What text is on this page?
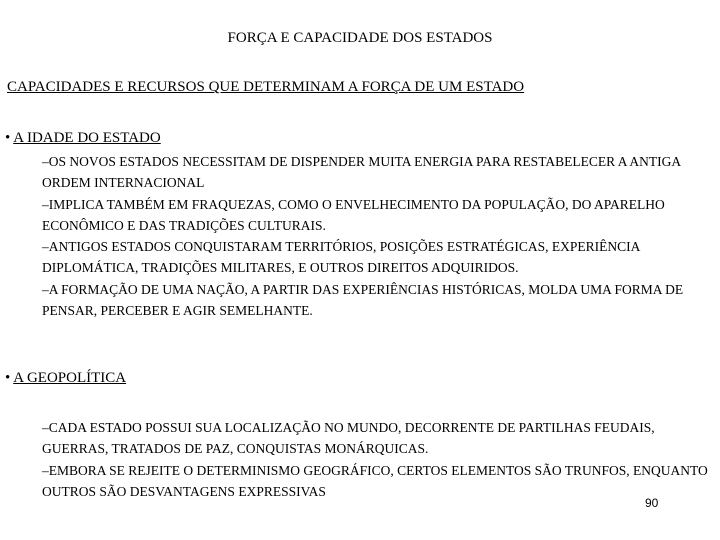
FORÇA E CAPACIDADE DOS ESTADOS
CAPACIDADES E RECURSOS QUE DETERMINAM A FORÇA DE UM ESTADO
• A IDADE DO ESTADO
–OS NOVOS ESTADOS NECESSITAM DE DISPENDER MUITA ENERGIA PARA RESTABELECER A ANTIGA ORDEM INTERNACIONAL
–IMPLICA TAMBÉM EM FRAQUEZAS, COMO O ENVELHECIMENTO DA POPULAÇÃO, DO APARELHO ECONÔMICO E DAS TRADIÇÕES CULTURAIS.
–ANTIGOS ESTADOS CONQUISTARAM TERRITÓRIOS, POSIÇÕES ESTRATÉGICAS, EXPERIÊNCIA DIPLOMÁTICA, TRADIÇÕES MILITARES, E OUTROS DIREITOS ADQUIRIDOS.
–A FORMAÇÃO DE UMA NAÇÃO, A PARTIR DAS EXPERIÊNCIAS HISTÓRICAS, MOLDA UMA FORMA DE PENSAR, PERCEBER E AGIR SEMELHANTE.
• A GEOPOLÍTICA
–CADA ESTADO POSSUI SUA LOCALIZAÇÃO NO MUNDO, DECORRENTE DE PARTILHAS FEUDAIS, GUERRAS, TRATADOS DE PAZ, CONQUISTAS MONÁRQUICAS.
–EMBORA SE REJEITE O DETERMINISMO GEOGRÁFICO, CERTOS ELEMENTOS SÃO TRUNFOS, ENQUANTO OUTROS SÃO DESVANTAGENS EXPRESSIVAS
90
